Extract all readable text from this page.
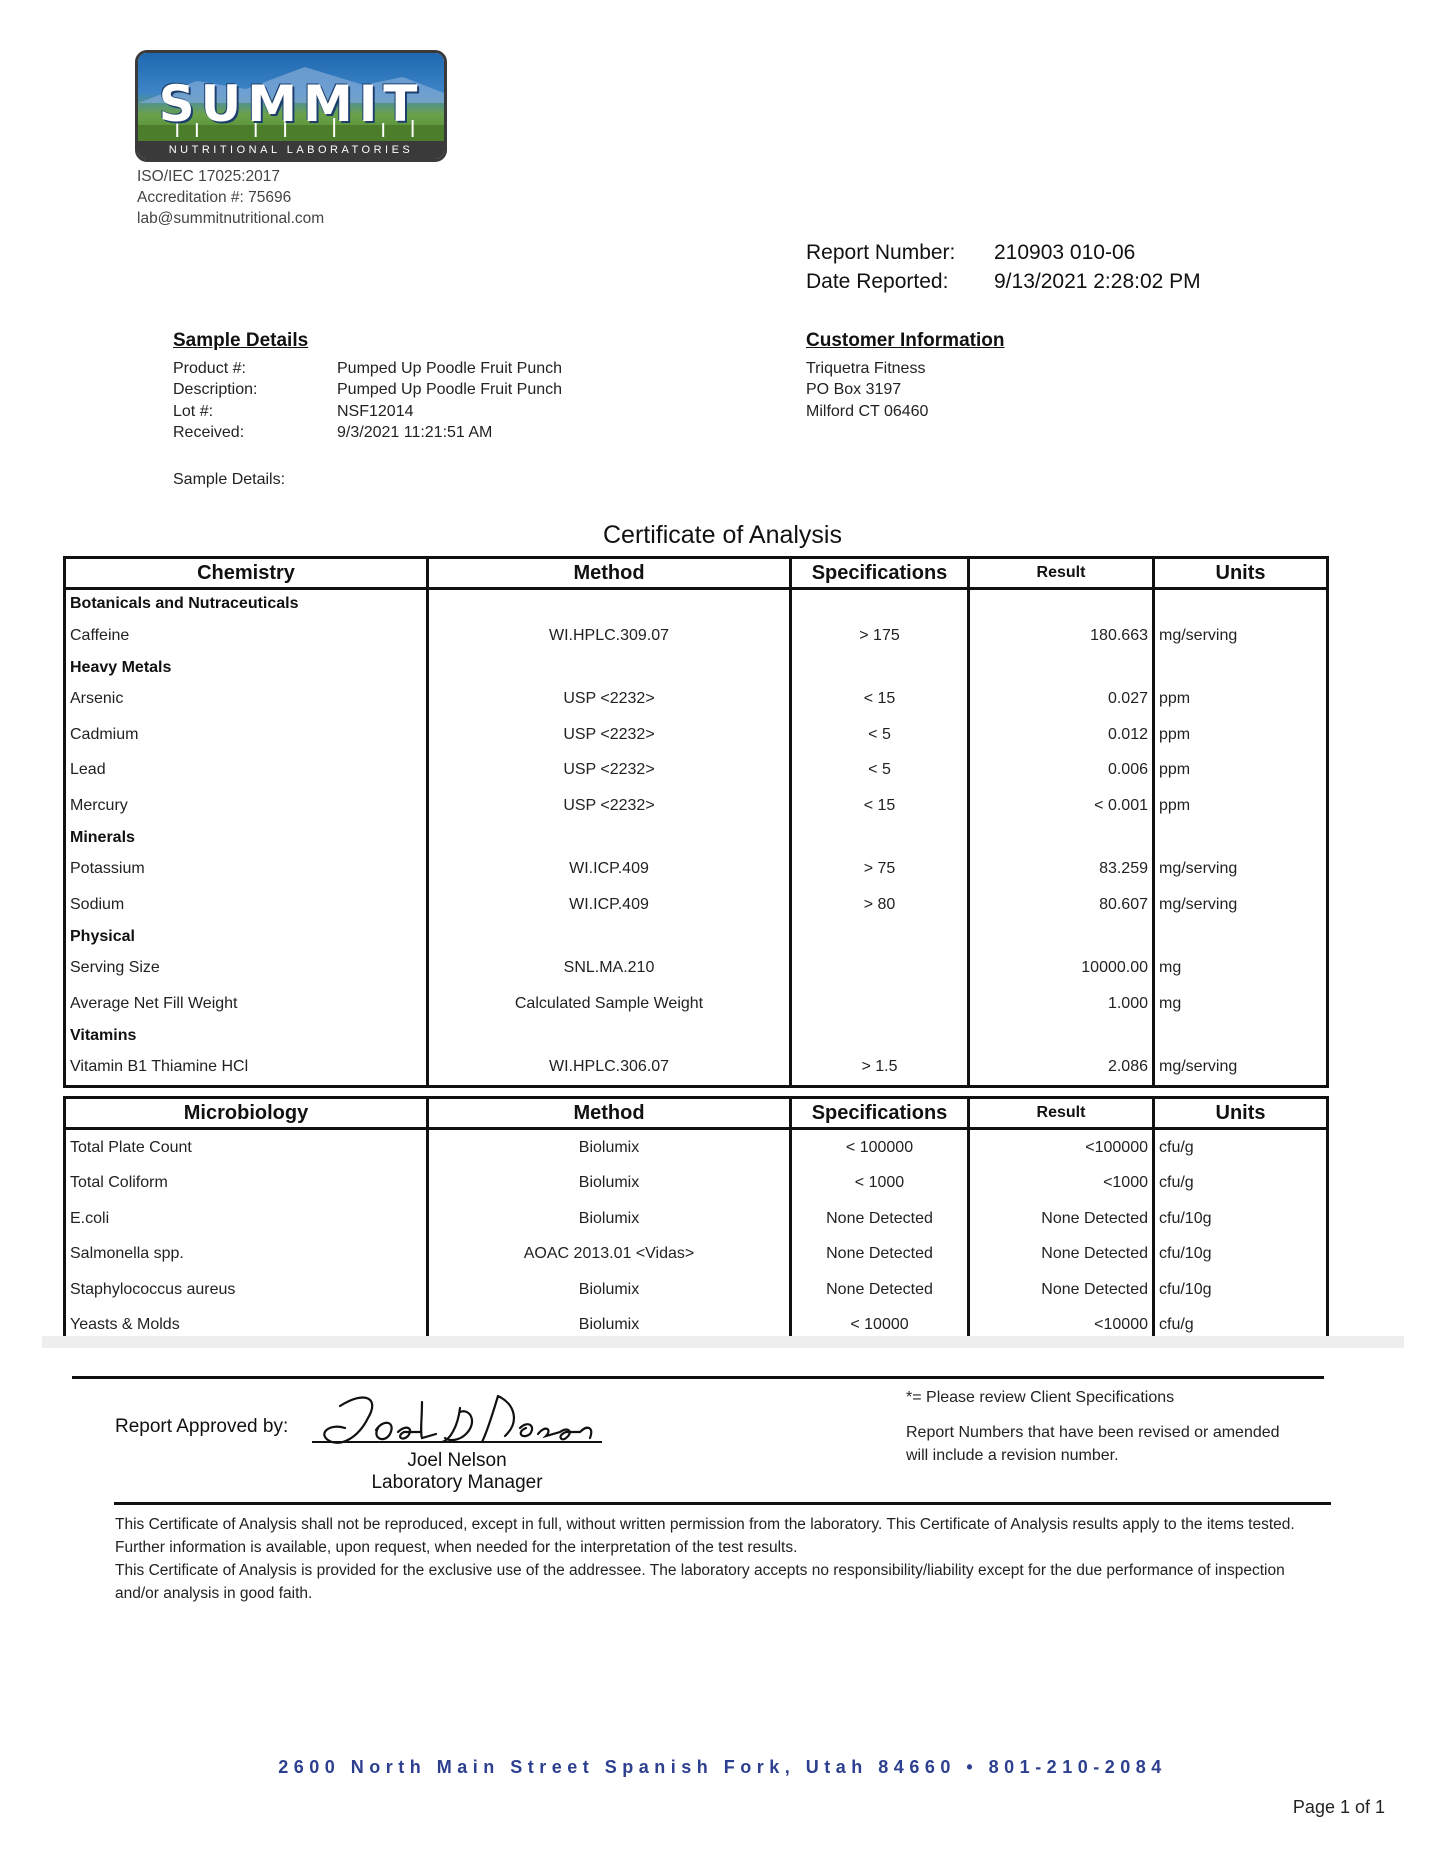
SUMMIT
NUTRITIONAL LABORATORIES
ISO/IEC 17025:2017
Accreditation #: 75696
lab@summitnutritional.com
Report Number: 210903 010-06
Date Reported: 9/13/2021 2:28:02 PM
Sample Details
Product #:	Pumped Up Poodle Fruit Punch
Description:	Pumped Up Poodle Fruit Punch
Lot #:	NSF12014
Received:	9/3/2021 11:21:51 AM
Customer Information
Triquetra Fitness
PO Box 3197
Milford CT 06460
Sample Details:
Certificate of Analysis
Chemistry	Method	Specifications	Result	Units
Botanicals and Nutraceuticals				
Caffeine	WI.HPLC.309.07	> 175	180.663	mg/serving
Heavy Metals				
Arsenic	USP <2232>	< 15	0.027	ppm
Cadmium	USP <2232>	< 5	0.012	ppm
Lead	USP <2232>	< 5	0.006	ppm
Mercury	USP <2232>	< 15	< 0.001	ppm
Minerals				
Potassium	WI.ICP.409	> 75	83.259	mg/serving
Sodium	WI.ICP.409	> 80	80.607	mg/serving
Physical				
Serving Size	SNL.MA.210		10000.00	mg
Average Net Fill Weight	Calculated Sample Weight		1.000	mg
Vitamins				
Vitamin B1 Thiamine HCl	WI.HPLC.306.07	> 1.5	2.086	mg/serving
Microbiology	Method	Specifications	Result	Units
Total Plate Count	Biolumix	< 100000	<100000	cfu/g
Total Coliform	Biolumix	< 1000	<1000	cfu/g
E.coli	Biolumix	None Detected	None Detected	cfu/10g
Salmonella spp.	AOAC 2013.01 <Vidas>	None Detected	None Detected	cfu/10g
Staphylococcus aureus	Biolumix	None Detected	None Detected	cfu/10g
Yeasts & Molds	Biolumix	< 10000	<10000	cfu/g
Report Approved by:
Joel Nelson
Laboratory Manager

*= Please review Client Specifications

Report Numbers that have been revised or amended will include a revision number.

This Certificate of Analysis shall not be reproduced, except in full, without written permission from the laboratory. This Certificate of Analysis results apply to the items tested. Further information is available, upon request, when needed for the interpretation of the test results.

This Certificate of Analysis is provided for the exclusive use of the addressee. The laboratory accepts no responsibility/liability except for the due performance of inspection and/or analysis in good faith.

2600 North Main Street Spanish Fork, Utah 84660 • 801-210-2084
Page 1 of 1
